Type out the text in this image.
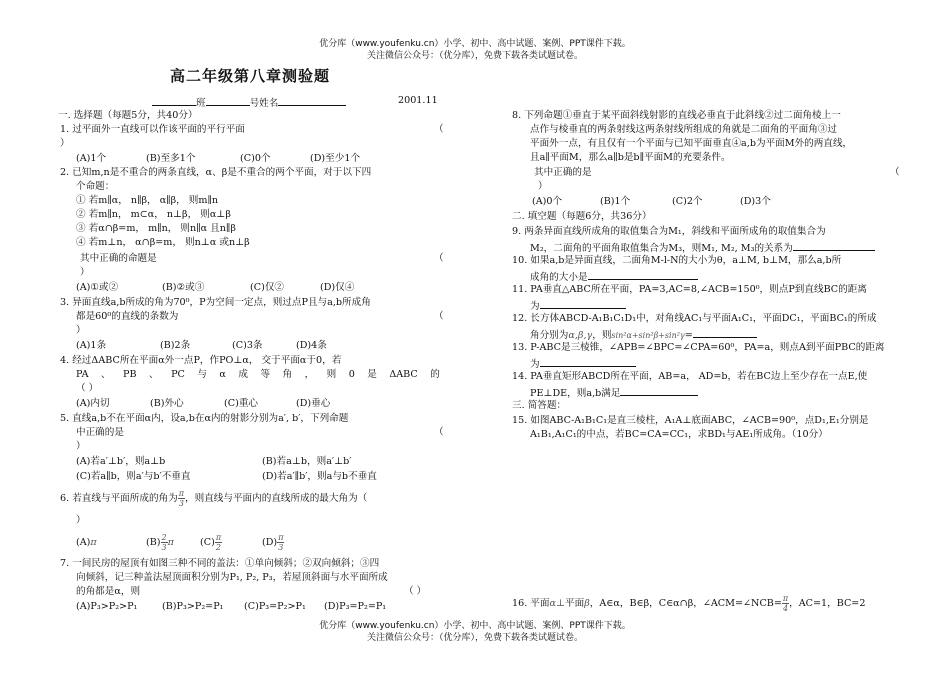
优分库（www.youfenku.cn）小学、初中、高中试题、案例、PPT课件下载。
关注微信公众号：（优分库），免费下载各类试题试卷。
高二年级第八章测验题
班	号姓名	2001.11
一. 选择题（每题5分，共40分）
1. 过平面外一直线可以作该平面的平行平面	（
）
(A)1个	(B)至多1个	(C)0个	(D)至少1个
2. 已知m,n是不重合的两条直线，α、β是不重合的两个平面，对于以下四
个命题：
① 若m∥α， n∥β， α∥β， 则m∥n
② 若m∥n， m⊂α， n⊥β， 则α⊥β
③ 若α∩β=m， m∥n， 则n∥α 且n∥β
④ 若m⊥n， α∩β=m， 则n⊥α 或n⊥β
其中正确的命题是	（
）
(A)①或②	(B)②或③	(C)仅②	(D)仅④
3. 异面直线a,b所成的角为70⁰，P为空间一定点，则过点P且与a,b所成角
都是60⁰的直线的条数为	（
）
(A)1条	(B)2条	(C)3条	(D)4条
4. 经过ΔABC所在平面α外一点P，作PO⊥α， 交于平面α于0，若
PA 、 PB 、 PC 与 α 成 等 角 ， 则 0 是 ΔABC 的
（ ）
(A)内切	(B)外心	(C)重心	(D)垂心
5. 直线a,b不在平面α内，设a,b在α内的射影分别为a′, b′，下列命题
中正确的是	（
）
(A)若a′⊥b′，则a⊥b	(B)若a⊥b，则a′⊥b′
(C)若a∥b，则a′与b′不垂直	(D)若a′∥b′，则a与b不垂直
6. 若直线与平面所成的角为 $\frac{\pi}{3}$ ，则直线与平面内的直线所成的最大角为（
）
(A)π	$(B) \frac{2}{3}$ π	$(C) \frac{\pi}{2}$	$(D) \frac{\pi}{3}$
7. 一间民房的屋顶有如图三种不同的盖法：①单向倾斜；②双向倾斜；③四
向倾斜，记三种盖法屋顶面积分别为P₁, P₂, P₃，若屋顶斜面与水平面所成
的角都是α，则	（ ）
(A)P₃>P₂>P₁	(B)P₃>P₂=P₁ (C)P₃=P₂>P₁ (D)P₃=P₂=P₁
8. 下列命题①垂直于某平面斜线射影的直线必垂直于此斜线②过二面角棱上一
点作与棱垂直的两条射线这两条射线所组成的角就是二面角的平面角③过
平面外一点，有且仅有一个平面与已知平面垂直④a,b为平面M外的两直线，
且a∥平面M，那么a∥b是b∥平面M的充要条件。
其中正确的是	（
）
(A)0个	(B)1个	(C)2个	(D)3个
二. 填空题（每题6分，共36分）
9. 两条异面直线所成角的取值集合为M₁，斜线和平面所成角的取值集合为
M₂，二面角的平面角取值集合为M₃，则M₁, M₂, M₃的关系为
10. 如果a,b是异面直线，二面角M-l-N的大小为θ，a⊥M, b⊥M，那么a,b所
成角的大小是
11. PA垂直△ABC所在平面，PA=3,AC=8,∠ACB=150⁰，则点P到直线BC的距离
为
12. 长方体ABCD-A₁B₁C₁D₁中，对角线AC₁与平面A₁C₁，平面DC₁，平面BC₁的所成
角分别为α,β,γ，则sin²α+sin²β+sin²γ=
13. P-ABC是三棱锥，∠APB=∠BPC=∠CPA=60⁰，PA=a，则点A到平面PBC的距离
为
14. PA垂直矩形ABCD所在平面，AB=a， AD=b，若在BC边上至少存在一点E,使
PE⊥DE，则a,b满足
三. 简答题：
15. 如图ABC-A₁B₁C₁是直三棱柱，A₁A⊥底面ABC，∠ACB=90⁰，点D₁,E₁分别是
A₁B₁,A₁C₁的中点，若BC=CA=CC₁，求BD₁与AE₁所成角。（10分）
16. 平面α⊥平面β，A∈α，B∈β，C∈α∩β，∠ACM=∠NCB= $\frac{\pi}{4}$ ，AC=1，BC=2
优分库（www.youfenku.cn）小学、初中、高中试题、案例、PPT课件下载。
关注微信公众号：（优分库），免费下载各类试题试卷。
